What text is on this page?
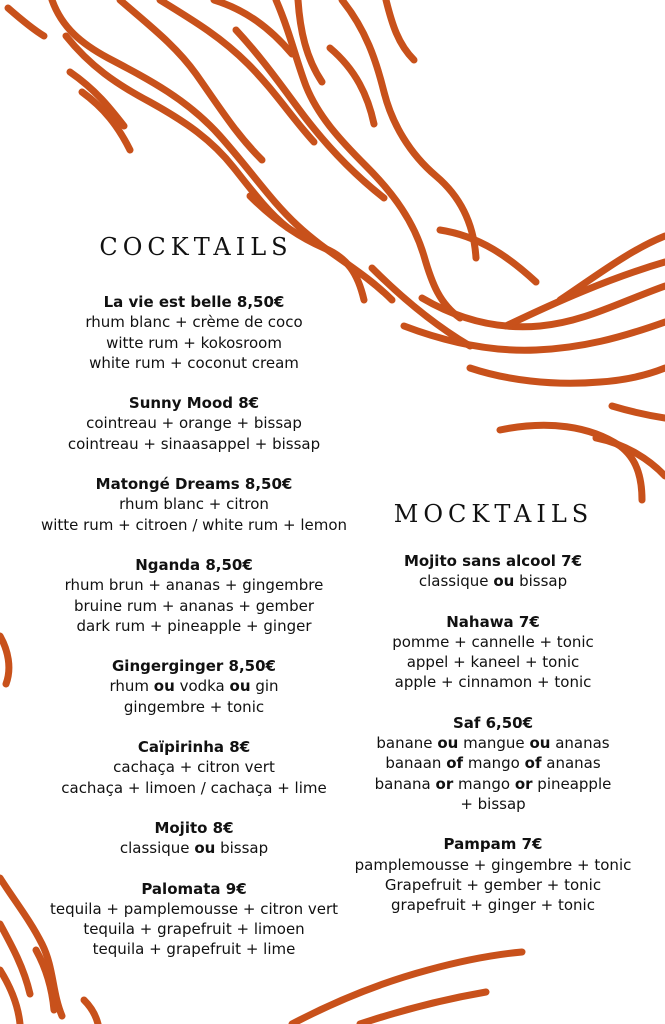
COCKTAILS
La vie est belle 8,50€
rhum blanc + crème de coco
witte rum + kokosroom
white rum + coconut cream
Sunny Mood 8€
cointreau + orange + bissap
cointreau + sinaasappel + bissap
Matongé Dreams 8,50€
rhum blanc + citron
witte rum + citroen / white rum + lemon
Nganda 8,50€
rhum brun + ananas + gingembre
bruine rum + ananas + gember
dark rum + pineapple + ginger
Gingerginger 8,50€
rhum ou vodka ou gin
gingembre + tonic
Caïpirinha 8€
cachaça + citron vert
cachaça + limoen / cachaça + lime
Mojito 8€
classique ou bissap
Palomata 9€
tequila + pamplemousse + citron vert
tequila + grapefruit + limoen
tequila + grapefruit + lime
MOCKTAILS
Mojito sans alcool 7€
classique ou bissap
Nahawa 7€
pomme + cannelle + tonic
appel + kaneel + tonic
apple + cinnamon + tonic
Saf 6,50€
banane ou mangue ou ananas
banaan of mango of ananas
banana or mango or pineapple
+ bissap
Pampam 7€
pamplemousse + gingembre + tonic
Grapefruit + gember + tonic
grapefruit + ginger + tonic
